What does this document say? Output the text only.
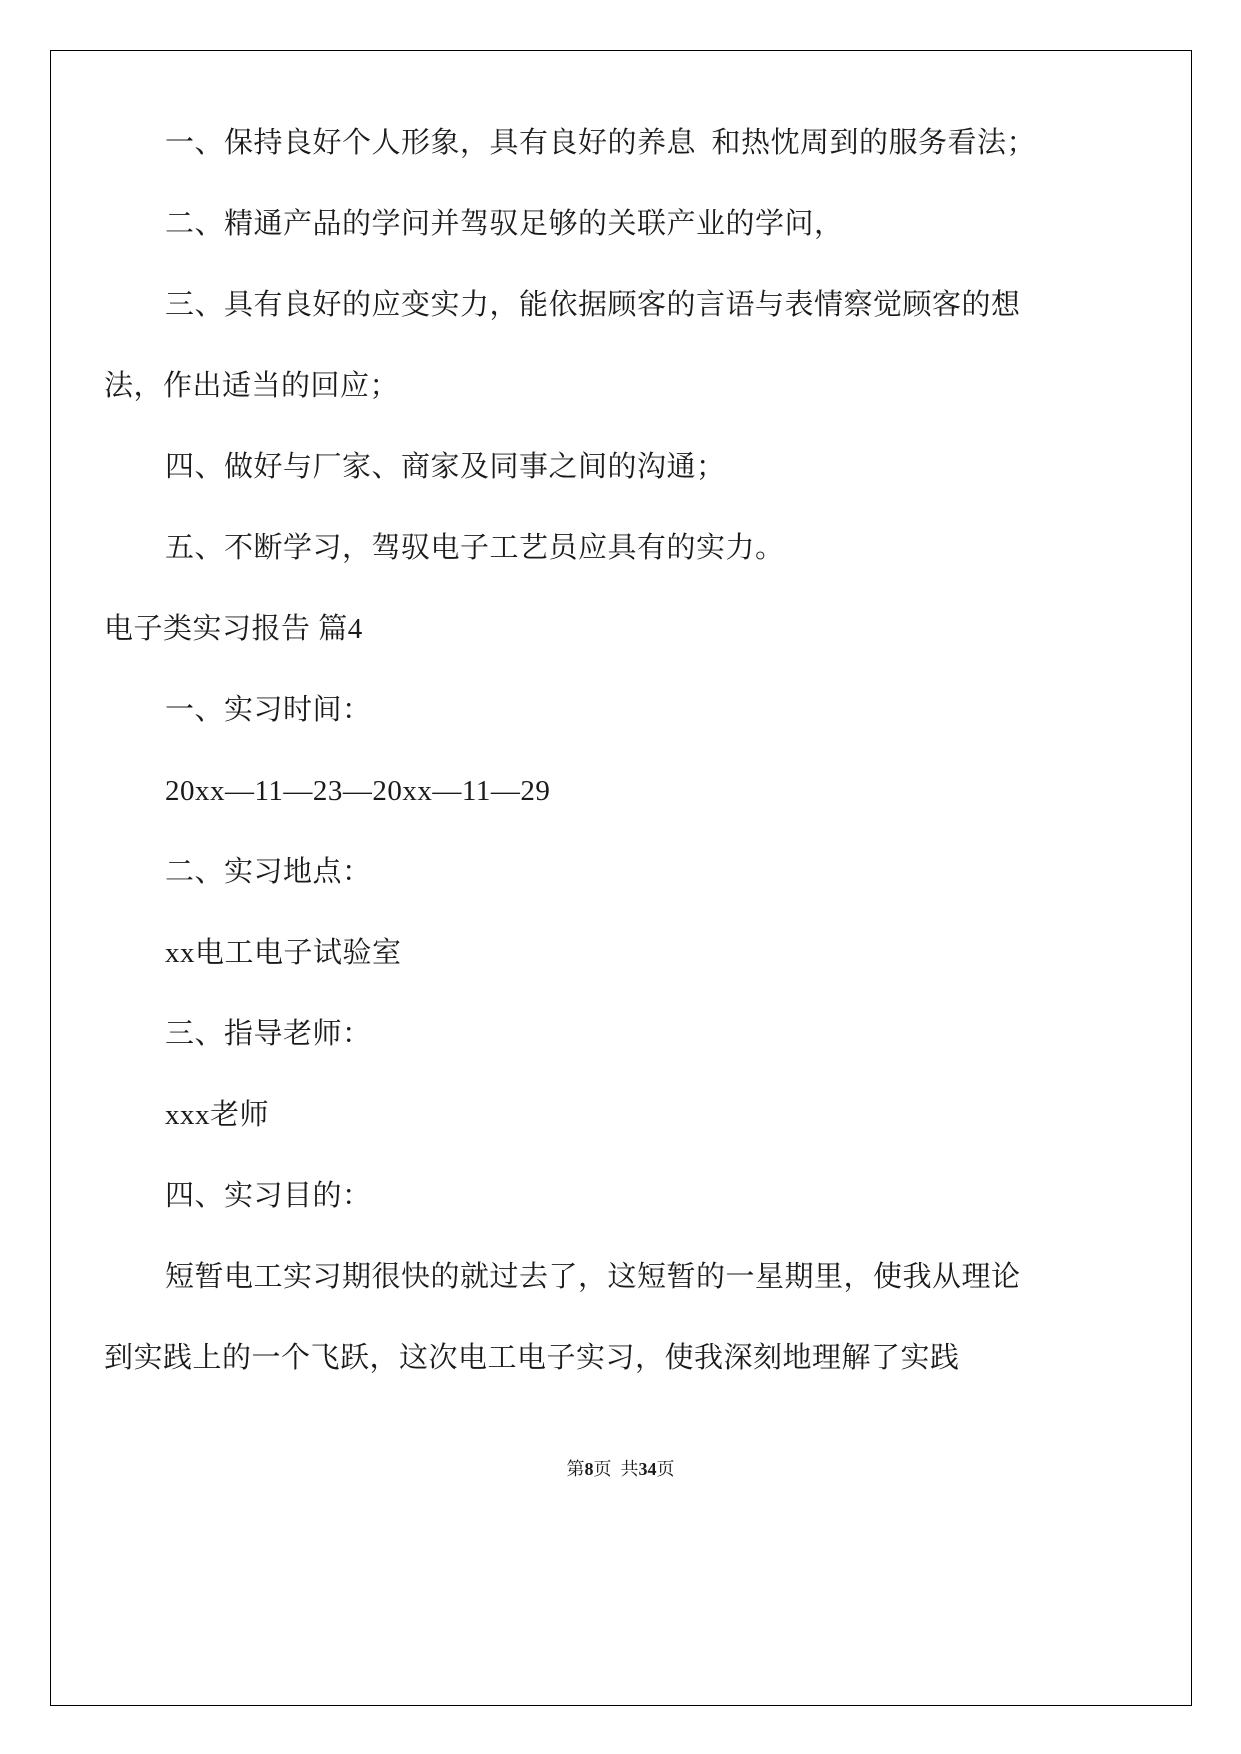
一、保持良好个人形象，具有良好的养息  和热忱周到的服务看法；

二、精通产品的学问并驾驭足够的关联产业的学问，

三、具有良好的应变实力，能依据顾客的言语与表情察觉顾客的想法，作出适当的回应；

四、做好与厂家、商家及同事之间的沟通；

五、不断学习，驾驭电子工艺员应具有的实力。

电子类实习报告 篇4

一、实习时间：

20xx—11—23—20xx—11—29

二、实习地点：

xx电工电子试验室

三、指导老师：

xxx老师

四、实习目的：

短暂电工实习期很快的就过去了，这短暂的一星期里，使我从理论到实践上的一个飞跃，这次电工电子实习，使我深刻地理解了实践

第8页  共34页
